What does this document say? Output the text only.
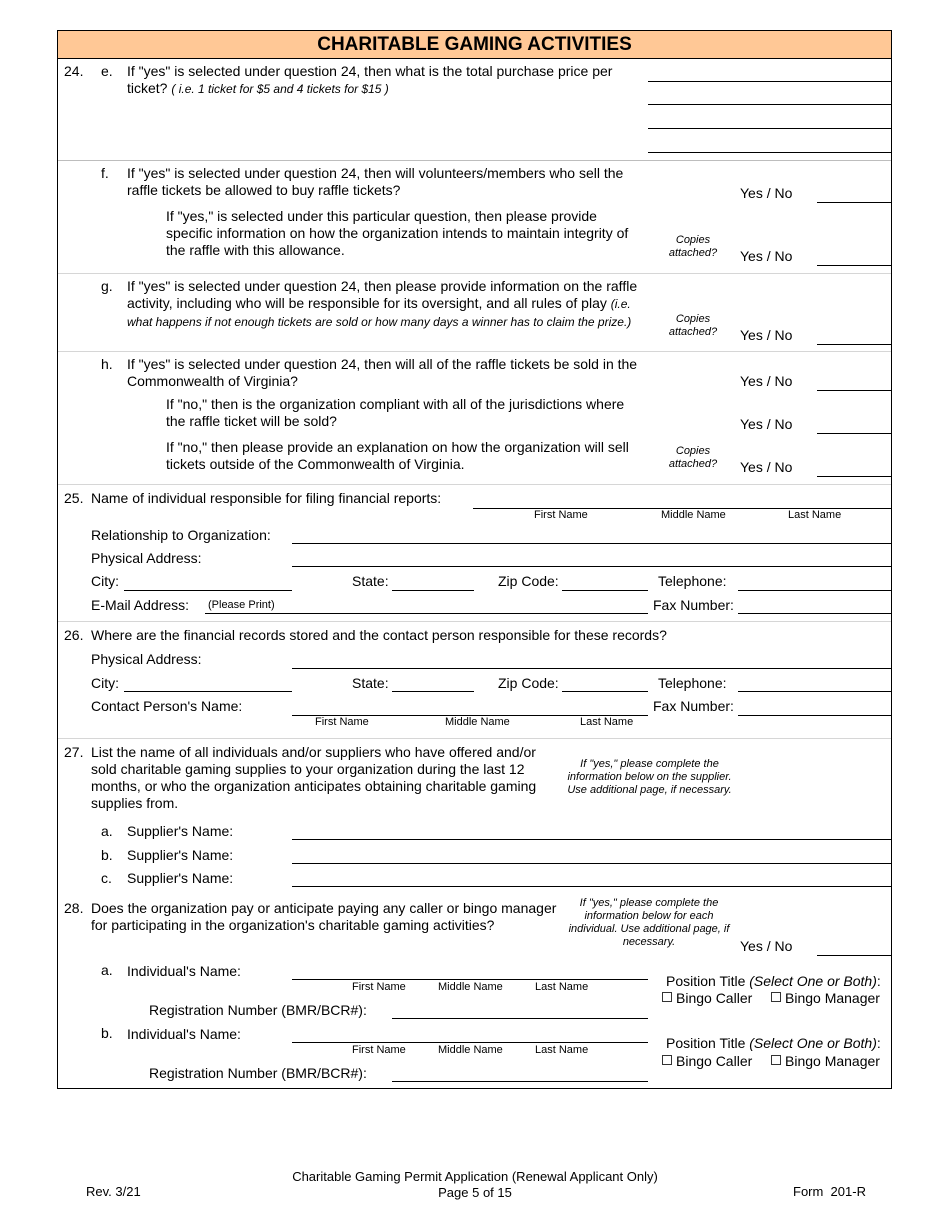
CHARITABLE GAMING ACTIVITIES
24. e. If "yes" is selected under question 24, then what is the total purchase price per ticket? ( i.e. 1 ticket for $5 and 4 tickets for $15 )
f. If "yes" is selected under question 24, then will volunteers/members who sell the raffle tickets be allowed to buy raffle tickets?	Yes / No
If "yes," is selected under this particular question, then please provide specific information on how the organization intends to maintain integrity of the raffle with this allowance.
Copies attached?	Yes / No
g. If "yes" is selected under question 24, then please provide information on the raffle activity, including who will be responsible for its oversight, and all rules of play (i.e. what happens if not enough tickets are sold or how many days a winner has to claim the prize.)	Copies attached?	Yes / No
h. If "yes" is selected under question 24, then will all of the raffle tickets be sold in the Commonwealth of Virginia?	Yes / No
If "no," then is the organization compliant with all of the jurisdictions where the raffle ticket will be sold?	Yes / No
If "no," then please provide an explanation on how the organization will sell tickets outside of the Commonwealth of Virginia.
Copies attached?	Yes / No
25. Name of individual responsible for filing financial reports:
First Name	Middle Name	Last Name
Relationship to Organization:
Physical Address:
City:	State:	Zip Code:	Telephone:
E-Mail Address: (Please Print)	Fax Number:
26. Where are the financial records stored and the contact person responsible for these records?
Physical Address:
City:	State:	Zip Code:	Telephone:
Contact Person's Name:
First Name	Middle Name	Last Name
Fax Number:
27. List the name of all individuals and/or suppliers who have offered and/or sold charitable gaming supplies to your organization during the last 12 months, or who the organization anticipates obtaining charitable gaming supplies from.
If "yes," please complete the information below on the supplier. Use additional page, if necessary.
a. Supplier's Name:
b. Supplier's Name:
c. Supplier's Name:
28. Does the organization pay or anticipate paying any caller or bingo manager for participating in the organization's charitable gaming activities?
If "yes," please complete the information below for each individual. Use additional page, if necessary.	Yes / No
a. Individual's Name:
First Name	Middle Name	Last Name	Position Title (Select One or Both):
Bingo Caller	Bingo Manager
Registration Number (BMR/BCR#):
b. Individual's Name:
First Name	Middle Name	Last Name	Position Title (Select One or Both):
Bingo Caller	Bingo Manager
Registration Number (BMR/BCR#):
Rev. 3/21
Charitable Gaming Permit Application (Renewal Applicant Only)
Page 5 of 15	Form  201-R
